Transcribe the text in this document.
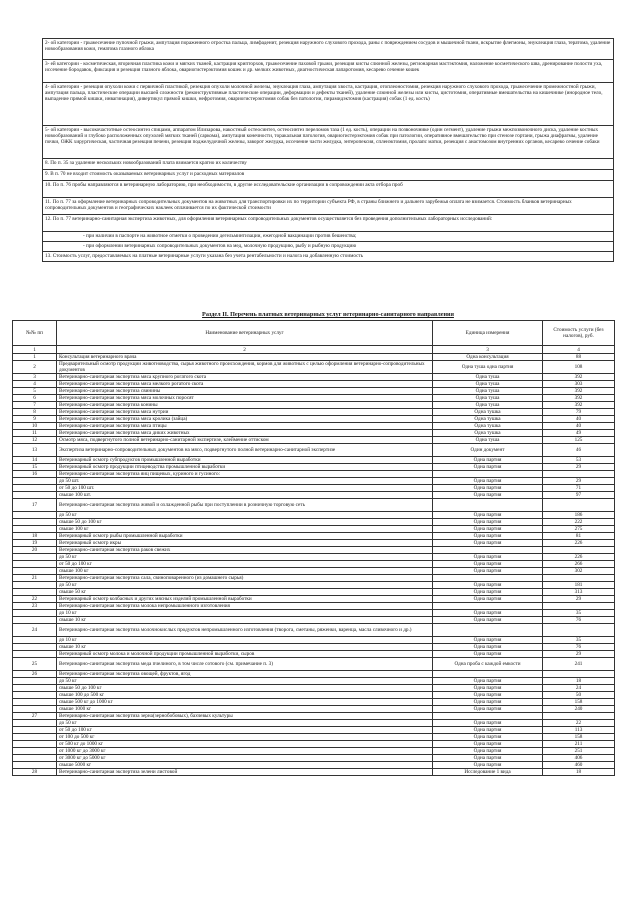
2- ой категории - грыжесечение пупочной грыжи, ампутация пораженного отростка пальца, лимфаденит, резекция наружного слухового прохода, раны с повреждением сосудов и мышечной ткани, вскрытие флегмоны, энуклеация глаза, тератома, удаление новообразования кожи, гематома глазного яблока
3- ей категории - косметическая, вторичная пластика кожи и мягких тканей, кастрация крипторхов, грыжесечение паховой грыжи, резекция кисты слюнной железы, регионарная мастэктомия, наложение косметического шва, дренирование полости уха, иссечение бородавок, фиксация и резекция глазного яблока, овариогистерэктомия кошек и др. мелких животных, диагностическая лапаротомия, кесарево сечение кошек
4- ой категории - резекция опухоли кожи с первичной пластикой, резекция опухоли молочной железы, энуклеация глаза, ампутация хвоста, кастрация, отоплеоностомия, резекция наружного слухового прохода, грыжесечение промежностной грыжи, ампутация пальца, пластические операции высшей сложности (реконструктивные пластические операции, деформации и дефекты тканей), удаление слюнной железы или кисты, цистотомия, оперативные вмешательства на кишечнике (инородное тело, выпадение прямой кишки, инвагинация), дивертикул прямой кишки, нефротомия, овариогистерэктомия собак без патологии, пирамидэктомия (кастрация) собак (1 ед. кость)
5- ой категории - высокочастотные остеосинтез спицами, аппаратом Илизарова, накостный остеосинтез, остеосинтез переломов таза (1 ед. кость), операции на позвоночнике (один сегмент), удаление грыжи межпозвоночного диска, удаление костных новообразований и глубоко расположенных опухолей мягких тканей (саркома), ампутация конечности, торакальная патология, овариогистерэктомия собак при патологии, оперативное вмешательство при стенозе гортани, грыжа диафрагмы, удаление почки, ОЖК хирургическая, частичная резекция печени, резекция поджелудочной железы, заворот желудка, иссечение части желудка, энтеропексия, спленэктомия, пролапс матки, резекция с анастомозом внутренних органов, кесарево сечение собаки
8. По п. 35 за удаление нескольких новообразований плата взимается кратно их количеству
9. В п. 70 не входит стоимость оказываемых ветеринарных услуг и расходных материалов
10. По п. 76 пробы направляются в ветеринарную лабораторию, при необходимости, в другие исследовательские организации в сопровождении акта отбора проб
11. По п. 77 за оформление ветеринарных сопроводительных документов на животных для транспортировки их по территории субъекта РФ, в страны ближнего и дальнего зарубежья оплата не взимается. Стоимость бланков ветеринарных сопроводительных документов и географических наклеек оплачивается по их фактической стоимости
12. По п. 77 ветеринарно-санитарная экспертиза животных, для оформления ветеринарных сопроводительных документов осуществляется без проведения дополнительных лабораторных исследований:
- при наличии в паспорте на животное отметки о проведении дегельминтизации, ежегодной вакцинации против бешенства;
- при оформлении ветеринарных сопроводительных документов на мед, молочную продукцию, рыбу и рыбную продукцию
13. Стоимость услуг, предоставляемых на платные ветеринарные услуги указана без учета рентабельности и налога на добавленную стоимость
Раздел II. Перечень платных ветеринарных услуг ветеринарно-санитарного направления
№№ пп	Наименование ветеринарных услуг	Единица измерения	Стоимость услуги (без налогов), руб.
1	2	3	4
1	Консультация ветеринарного врача	Одна консультация	88
2	Предварительный осмотр продукции животноводства, сырья животного происхождения, кормов для животных с целью оформления ветеринарно-сопроводительных документов	Одна туша одна партия	108
3	Ветеринарно-санитарная экспертиза мяса крупного рогатого скота	Одна туша	392
4	Ветеринарно-санитарная экспертиза мяса мелкого рогатого скота	Одна туша	303
5	Ветеринарно-санитарная экспертиза свинины	Одна туша	392
6	Ветеринарно-санитарная экспертиза мяса молочных поросят	Одна туша	392
7	Ветеринарно-санитарная экспертиза конины	Одна туша	392
8	Ветеринарно-санитарная экспертиза мяса нутрии	Одна тушка	79
9	Ветеринарно-санитарная экспертиза мяса кролика (зайца)	Одна тушка	40
10	Ветеринарно-санитарная экспертиза мяса птицы	Одна тушка	40
11	Ветеринарно-санитарная экспертиза мяса диких животных	Одна тушка	49
12	Осмотр мяса, подвергнутого полной ветеринарно-санитарной экспертизе, клеймение оттиском	Одна туша	125
13	Экспертиза ветеринарно-сопроводительных документов на мясо, подвергнутого полной ветеринарно-санитарной экспертизе	Один документ	46
14	Ветеринарный осмотр субпродуктов промышленной выработки	Одна партия	53
15	Ветеринарный осмотр продукции птицеводства промышленной выработки	Одна партия	29
16	Ветеринарно-санитарная экспертиза яиц пищевых, куриного и гусиного:		
	до 50 шт.	Одна партия	29
	от 50 до 100 шт.	Одна партия	71
	свыше 100 шт.	Одна партия	97
17	Ветеринарно-санитарная экспертиза живой и охлажденной рыбы при поступлении в розничную торговую сеть		
	до 50 кг	Одна партия	186
	свыше 50 до 100 кг	Одна партия	222
	свыше 100 кг	Одна партия	275
18	Ветеринарный осмотр рыбы промышленной выработки	Одна партия	81
19	Ветеринарный осмотр икры	Одна партия	226
20	Ветеринарно-санитарная экспертиза раков свежих		
	до 50 кг	Одна партия	226
	от 50 до 100 кг	Одна партия	266
	свыше 100 кг	Одна партия	302
21	Ветеринарно-санитарная экспертиза сала, свиноповаренного (из домашнего сырья)		
	до 50 кг	Одна партия	181
	свыше 50 кг	Одна партия	313
22	Ветеринарный осмотр колбасных и других мясных изделий промышленной выработки	Одна партия	29
23	Ветеринарно-санитарная экспертиза молока непромышленного изготовления		
	до 10 кг	Одна партия	35
	свыше 10 кг	Одна партия	76
24	Ветеринарно-санитарная экспертиза молочнокислых продуктов непромышленного изготовления (творога, сметаны, ряженки, варенца, масла сливочного и др.)		
	до 10 кг	Одна партия	35
	свыше 10 кг	Одна партия	76
	Ветеринарный осмотр молока и молочной продукции промышленной выработки, сыров	Одна партия	29
25	Ветеринарно-санитарная экспертиза меда пчелиного, в том числе сотового (см. примечание п. 3)	Одна проба с каждой емкости	241
26	Ветеринарно-санитарная экспертиза овощей, фруктов, ягод		
	до 50 кг	Одна партия	18
	свыше 50 до 100 кг	Одна партия	24
	свыше 100 до 500 кг	Одна партия	50
	свыше 500 кг до 1000 кг	Одна партия	158
	свыше 1000 кг	Одна партия	240
27	Ветеринарно-санитарная экспертиза зерна(зернобобовых), бахчевых культуры		
	до 50 кг	Одна партия	22
	от 50 до 100 кг	Одна партия	113
	от 100 до 500 кг	Одна партия	158
	от 500 кг до 1000 кг	Одна партия	211
	от 1000 кг до 3000 кг	Одна партия	251
	от 3000 кг до 5000 кг	Одна партия	406
	свыше 5000 кг	Одна партия	460
28	Ветеринарно-санитарная экспертиза зелени листовой	Исследование 1 вида	18
